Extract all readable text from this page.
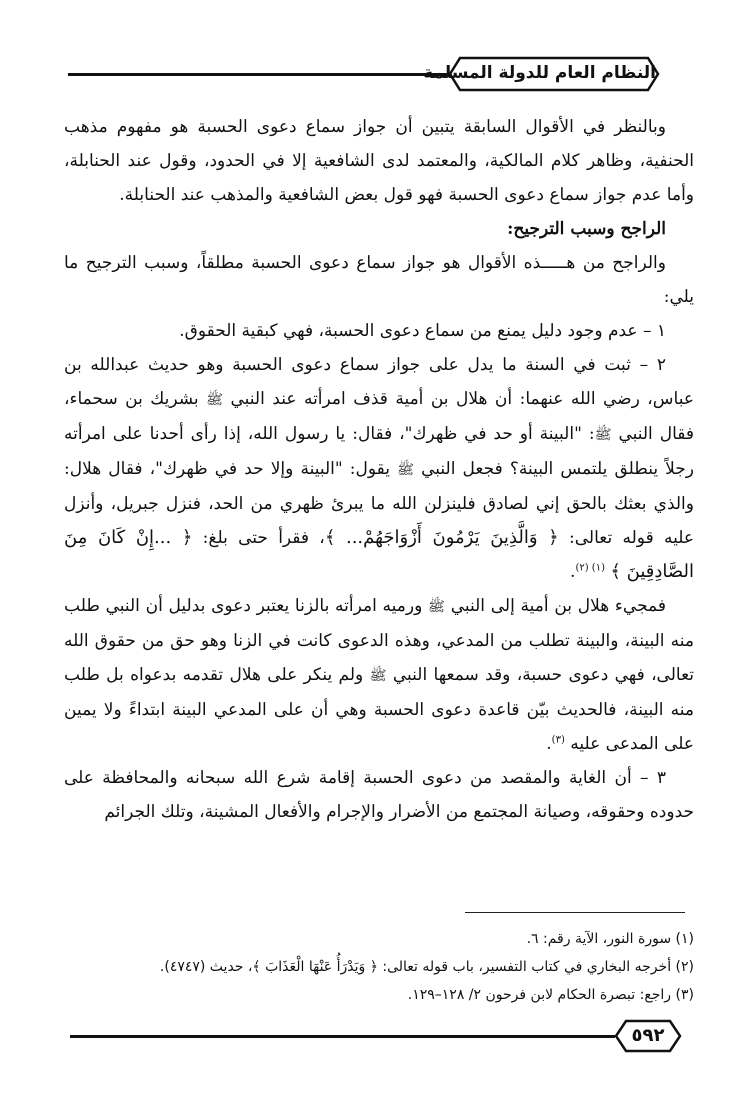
النظام العام للدولة المسلمة

وبالنظر في الأقوال السابقة يتبين أن جواز سماع دعوى الحسبة هو مفهوم مذهب الحنفية، وظاهر كلام المالكية، والمعتمد لدى الشافعية إلا في الحدود، وقول عند الحنابلة، وأما عدم جواز سماع دعوى الحسبة فهو قول بعض الشافعية والمذهب عند الحنابلة.

الراجح وسبب الترجيح:

والراجح من هـــــذه الأقوال هو جواز سماع دعوى الحسبة مطلقاً، وسبب الترجيح ما يلي:

١ – عدم وجود دليل يمنع من سماع دعوى الحسبة، فهي كبقية الحقوق.

٢ – ثبت في السنة ما يدل على جواز سماع دعوى الحسبة وهو حديث عبدالله بن عباس، رضي الله عنهما: أن هلال بن أمية قذف امرأته عند النبي ﷺ بشريك بن سحماء، فقال النبي ﷺ: "البينة أو حد في ظهرك"، فقال: يا رسول الله، إذا رأى أحدنا على امرأته رجلاً ينطلق يلتمس البينة؟ فجعل النبي ﷺ يقول: "البينة وإلا حد في ظهرك"، فقال هلال: والذي بعثك بالحق إني لصادق فلينزلن الله ما يبرئ ظهري من الحد، فنزل جبريل، وأنزل عليه قوله تعالى: ﴿ وَالَّذِينَ يَرْمُونَ أَزْوَاجَهُمْ... ﴾، فقرأ حتى بلغ: ﴿ ...إِنْ كَانَ مِنَ الصَّادِقِينَ ﴾ $^{(١) (٢)}$.

فمجيء هلال بن أمية إلى النبي ﷺ ورميه امرأته بالزنا يعتبر دعوى بدليل أن النبي طلب منه البينة، والبينة تطلب من المدعي، وهذه الدعوى كانت في الزنا وهو حق من حقوق الله تعالى، فهي دعوى حسبة، وقد سمعها النبي ﷺ ولم ينكر على هلال تقدمه بدعواه بل طلب منه البينة، فالحديث بيّن قاعدة دعوى الحسبة وهي أن على المدعي البينة ابتداءً ولا يمين على المدعى عليه $^{(٣)}$.

٣ – أن الغاية والمقصد من دعوى الحسبة إقامة شرع الله سبحانه والمحافظة على حدوده وحقوقه، وصيانة المجتمع من الأضرار والإجرام والأفعال المشينة، وتلك الجرائم

(١) سورة النور، الآية رقم: ٦.

(٢) أخرجه البخاري في كتاب التفسير، باب قوله تعالى: ﴿ وَيَدْرَأُ عَنْهَا الْعَذَابَ ﴾، حديث (٤٧٤٧).

(٣) راجع: تبصرة الحكام لابن فرحون ٢/ ١٢٨–١٢٩.

٥٩٢
